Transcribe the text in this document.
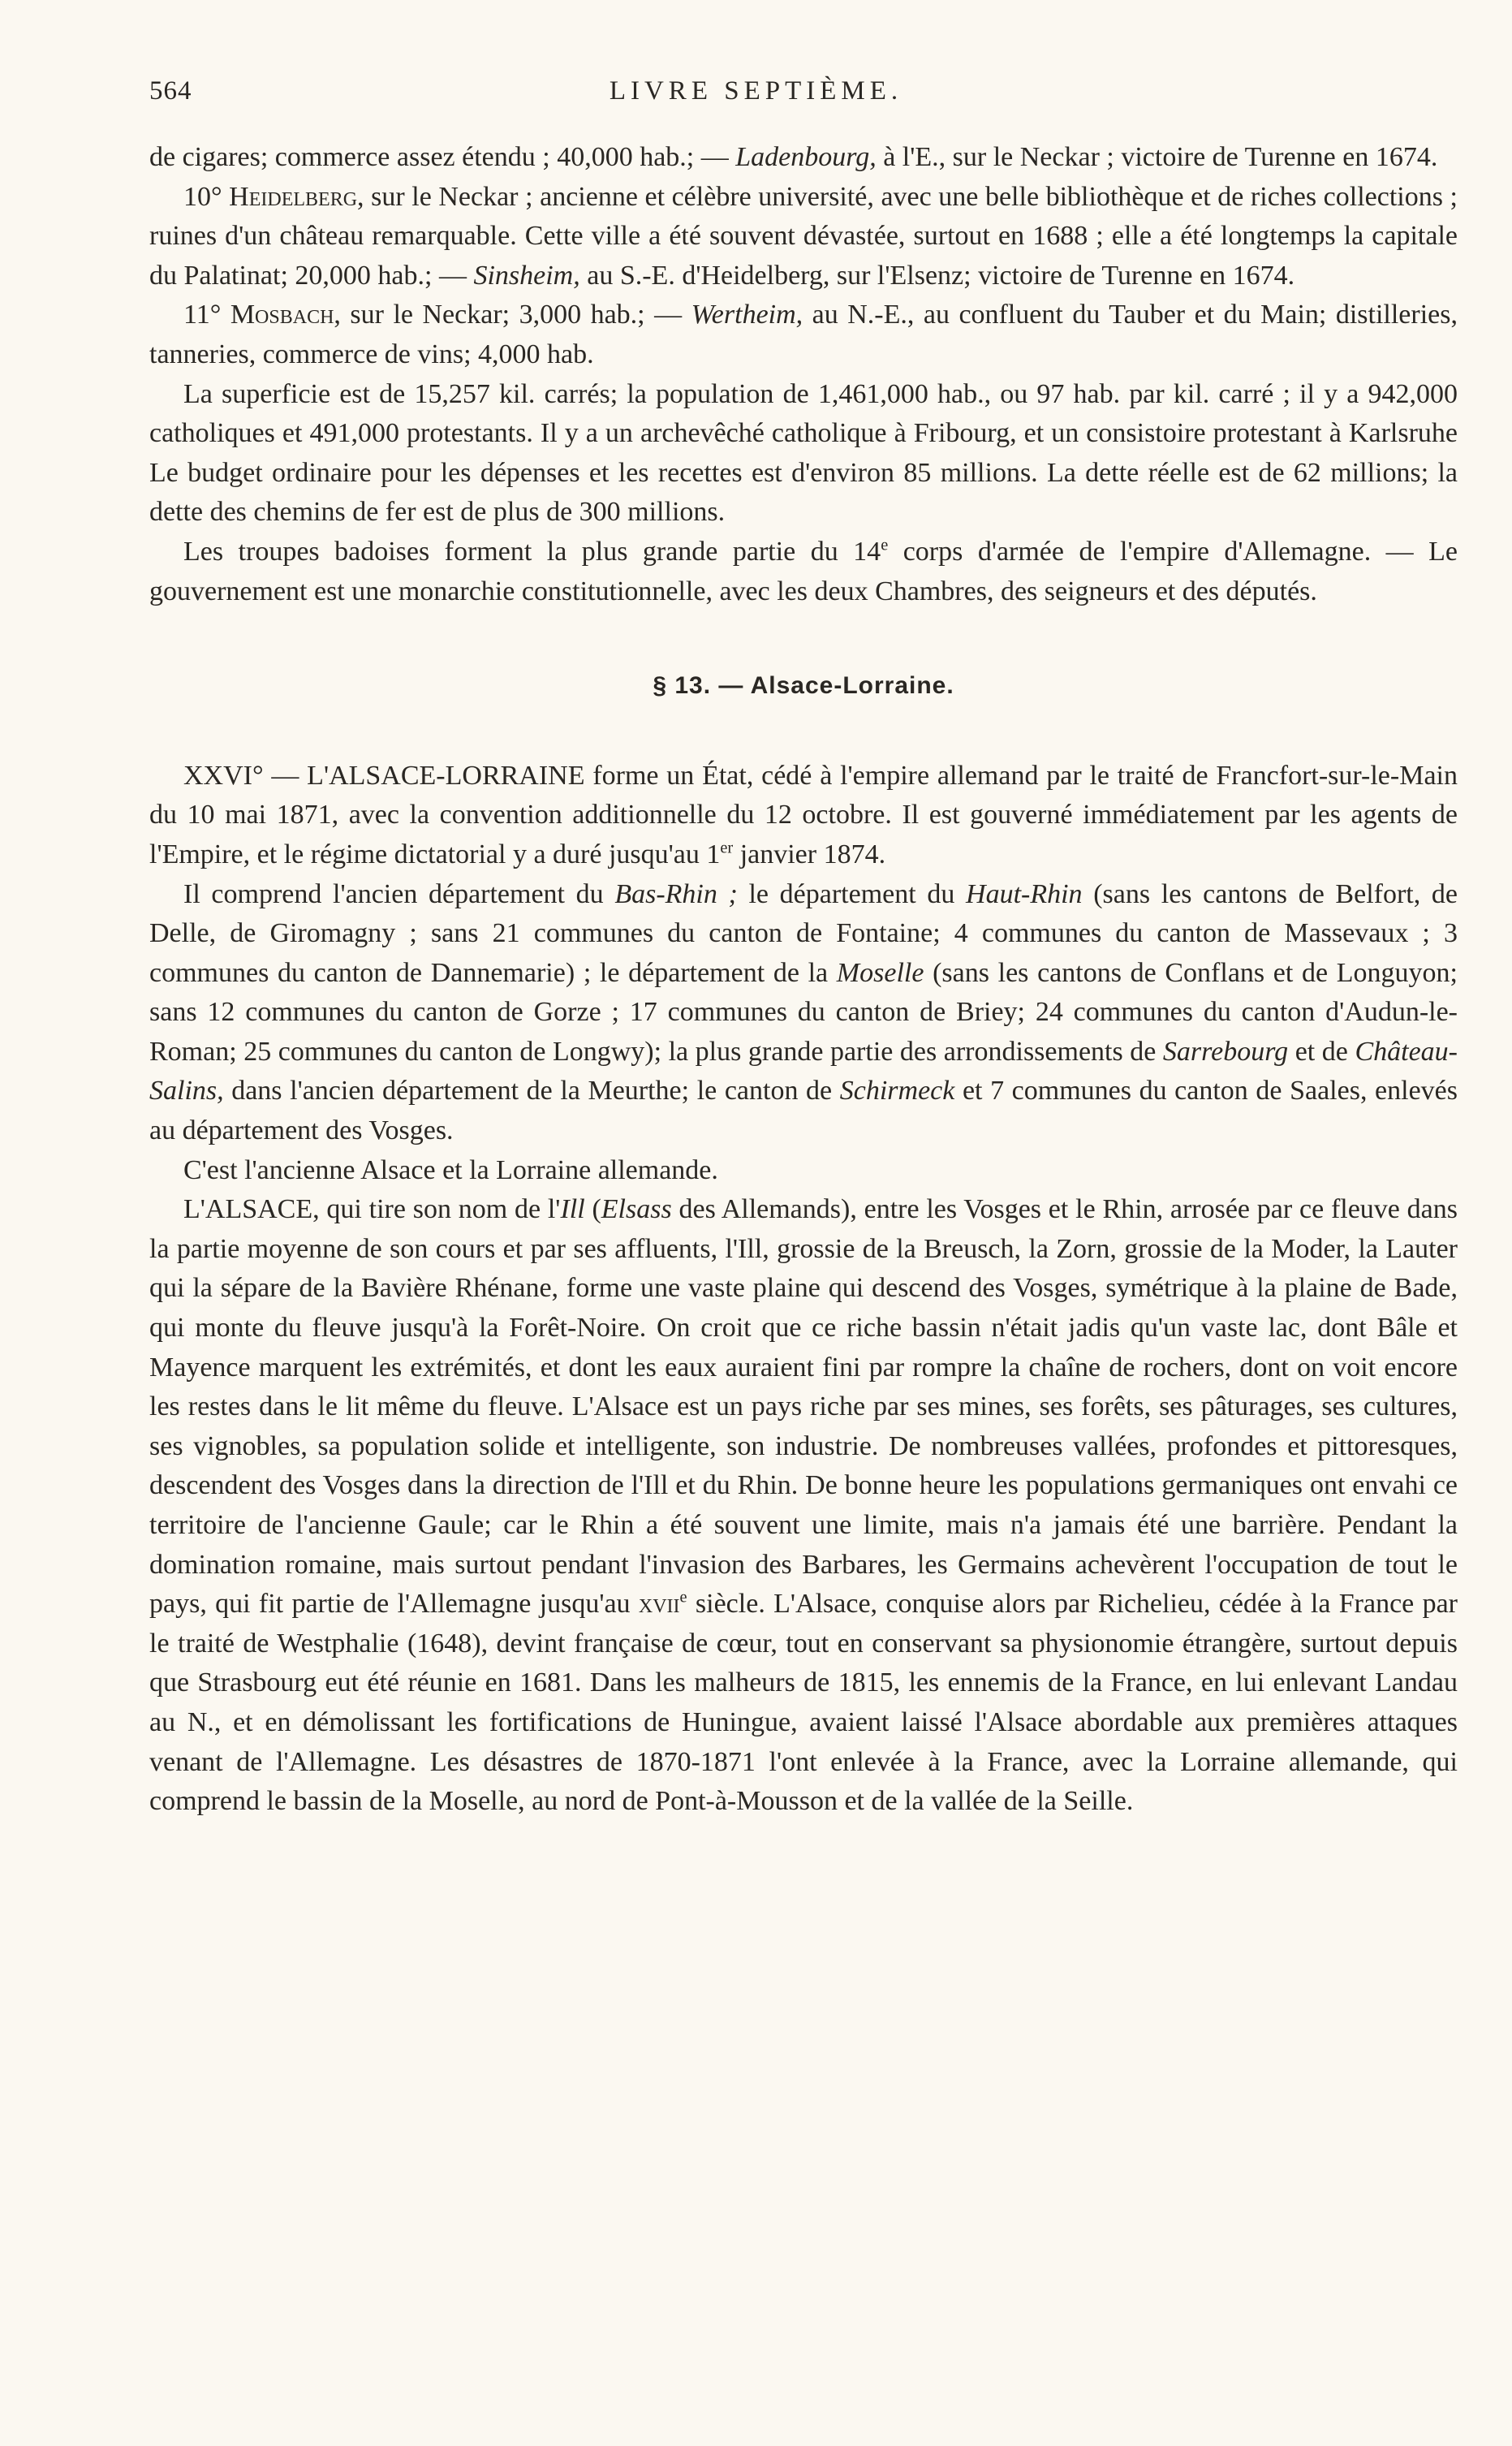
564	LIVRE SEPTIÈME.

de cigares; commerce assez étendu ; 40,000 hab.; — Ladenbourg, à l'E., sur le Neckar ; victoire de Turenne en 1674.

10° Heidelberg, sur le Neckar ; ancienne et célèbre université, avec une belle bibliothèque et de riches collections ; ruines d'un château remarquable. Cette ville a été souvent dévastée, surtout en 1688 ; elle a été longtemps la capitale du Palatinat; 20,000 hab.; — Sinsheim, au S.-E. d'Heidelberg, sur l'Elsenz; victoire de Turenne en 1674.

11° Mosbach, sur le Neckar; 3,000 hab.; — Wertheim, au N.-E., au confluent du Tauber et du Main; distilleries, tanneries, commerce de vins; 4,000 hab.

La superficie est de 15,257 kil. carrés; la population de 1,461,000 hab., ou 97 hab. par kil. carré ; il y a 942,000 catholiques et 491,000 protestants. Il y a un archevêché catholique à Fribourg, et un consistoire protestant à Karlsruhe Le budget ordinaire pour les dépenses et les recettes est d'environ 85 millions. La dette réelle est de 62 millions; la dette des chemins de fer est de plus de 300 millions.

Les troupes badoises forment la plus grande partie du 14e corps d'armée de l'empire d'Allemagne. — Le gouvernement est une monarchie constitutionnelle, avec les deux Chambres, des seigneurs et des députés.

§ 13. — Alsace-Lorraine.

XXVI° — L'ALSACE-LORRAINE forme un État, cédé à l'empire allemand par le traité de Francfort-sur-le-Main du 10 mai 1871, avec la convention additionnelle du 12 octobre. Il est gouverné immédiatement par les agents de l'Empire, et le régime dictatorial y a duré jusqu'au 1er janvier 1874.

Il comprend l'ancien département du Bas-Rhin ; le département du Haut-Rhin (sans les cantons de Belfort, de Delle, de Giromagny ; sans 21 communes du canton de Fontaine; 4 communes du canton de Massevaux ; 3 communes du canton de Dannemarie) ; le département de la Moselle (sans les cantons de Conflans et de Longuyon; sans 12 communes du canton de Gorze ; 17 communes du canton de Briey; 24 communes du canton d'Audun-le-Roman; 25 communes du canton de Longwy); la plus grande partie des arrondissements de Sarrebourg et de Château-Salins, dans l'ancien département de la Meurthe; le canton de Schirmeck et 7 communes du canton de Saales, enlevés au département des Vosges.

C'est l'ancienne Alsace et la Lorraine allemande.

L'ALSACE, qui tire son nom de l'Ill (Elsass des Allemands), entre les Vosges et le Rhin, arrosée par ce fleuve dans la partie moyenne de son cours et par ses affluents, l'Ill, grossie de la Breusch, la Zorn, grossie de la Moder, la Lauter qui la sépare de la Bavière Rhénane, forme une vaste plaine qui descend des Vosges, symétrique à la plaine de Bade, qui monte du fleuve jusqu'à la Forêt-Noire. On croit que ce riche bassin n'était jadis qu'un vaste lac, dont Bâle et Mayence marquent les extrémités, et dont les eaux auraient fini par rompre la chaîne de rochers, dont on voit encore les restes dans le lit même du fleuve. L'Alsace est un pays riche par ses mines, ses forêts, ses pâturages, ses cultures, ses vignobles, sa population solide et intelligente, son industrie. De nombreuses vallées, profondes et pittoresques, descendent des Vosges dans la direction de l'Ill et du Rhin. De bonne heure les populations germaniques ont envahi ce territoire de l'ancienne Gaule; car le Rhin a été souvent une limite, mais n'a jamais été une barrière. Pendant la domination romaine, mais surtout pendant l'invasion des Barbares, les Germains achevèrent l'occupation de tout le pays, qui fit partie de l'Allemagne jusqu'au xvii$^e$ siècle. L'Alsace, conquise alors par Richelieu, cédée à la France par le traité de Westphalie (1648), devint française de cœur, tout en conservant sa physionomie étrangère, surtout depuis que Strasbourg eut été réunie en 1681. Dans les malheurs de 1815, les ennemis de la France, en lui enlevant Landau au N., et en démolissant les fortifications de Huningue, avaient laissé l'Alsace abordable aux premières attaques venant de l'Allemagne. Les désastres de 1870-1871 l'ont enlevée à la France, avec la Lorraine allemande, qui comprend le bassin de la Moselle, au nord de Pont-à-Mousson et de la vallée de la Seille.
